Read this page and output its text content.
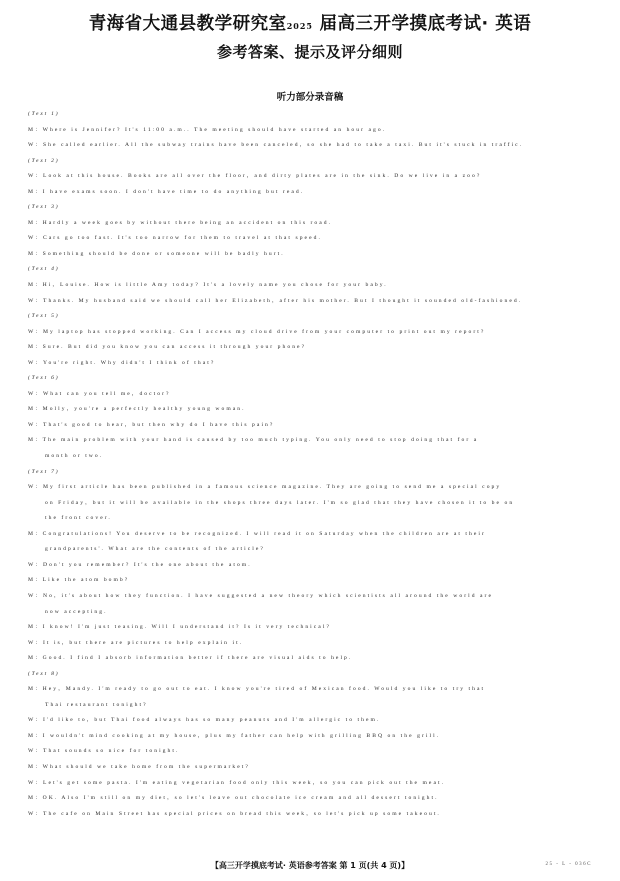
青海省大通县教学研究室2025 届高三开学摸底考试· 英语
参考答案、提示及评分细则
听力部分录音稿
(Text 1)
M：Where is Jennifer? It's 11:00 a.m.. The meeting should have started an hour ago.
W：She called earlier. All the subway trains have been canceled，so she had to take a taxi. But it's stuck in traffic.
(Text 2)
W：Look at this house. Books are all over the floor，and dirty plates are in the sink. Do we live in a zoo?
M：I have exams soon. I don't have time to do anything but read.
(Text 3)
M：Hardly a week goes by without there being an accident on this road.
W：Cars go too fast. It's too narrow for them to travel at that speed.
M：Something should be done or someone will be badly hurt.
(Text 4)
M：Hi，Louise. How is little Amy today? It's a lovely name you chose for your baby.
W：Thanks. My husband said we should call her Elizabeth，after his mother. But I thought it sounded old-fashioned.
(Text 5)
W：My laptop has stopped working. Can I access my cloud drive from your computer to print out my report?
M：Sure. But did you know you can access it through your phone?
W：You're right. Why didn't I think of that?
(Text 6)
W：What can you tell me，doctor?
M：Molly，you're a perfectly healthy young woman.
W：That's good to hear，but then why do I have this pain?
M：The main problem with your hand is caused by too much typing. You only need to stop doing that for a
month or two.
(Text 7)
W：My first article has been published in a famous science magazine. They are going to send me a special copy
on Friday，but it will be available in the shops three days later. I'm so glad that they have chosen it to be on
the front cover.
M：Congratulations! You deserve to be recognized. I will read it on Saturday when the children are at their
grandparents'. What are the contents of the article?
W：Don't you remember? It's the one about the atom.
M：Like the atom bomb?
W：No，it's about how they function. I have suggested a new theory which scientists all around the world are
now accepting.
M：I know! I'm just teasing. Will I understand it? Is it very technical?
W：It is，but there are pictures to help explain it.
M：Good. I find I absorb information better if there are visual aids to help.
(Text 8)
M：Hey，Mandy. I'm ready to go out to eat. I know you're tired of Mexican food. Would you like to try that
Thai restaurant tonight?
W：I'd like to，but Thai food always has so many peanuts and I'm allergic to them.
M：I wouldn't mind cooking at my house，plus my father can help with grilling BBQ on the grill.
W：That sounds so nice for tonight.
M：What should we take home from the supermarket?
W：Let's get some pasta. I'm eating vegetarian food only this week，so you can pick out the meat.
M：OK. Also I'm still on my diet，so let's leave out chocolate ice cream and all dessert tonight.
W：The cafe on Main Street has special prices on bread this week，so let's pick up some takeout.
【高三开学摸底考试· 英语参考答案 第 1 页(共 4 页)】	25 - L - 036C
